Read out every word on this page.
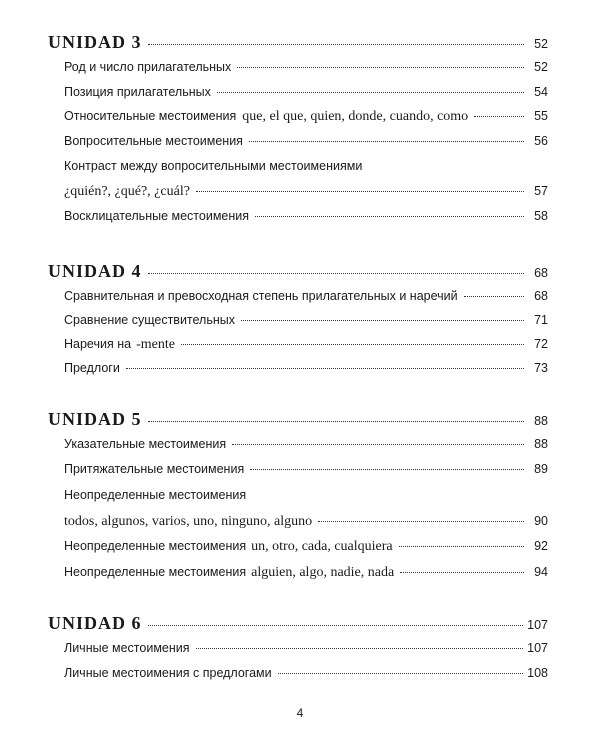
UNIDAD 3	52
Род и число прилагательных	52
Позиция прилагательных	54
Относительные местоимения que, el que, quien, donde, cuando, como	55
Вопросительные местоимения	56
Контраст между вопросительными местоимениями
¿quién?, ¿qué?, ¿cuál?	57
Восклицательные местоимения	58
UNIDAD 4	68
Сравнительная и превосходная степень прилагательных и наречий	68
Сравнение существительных	71
Наречия на -mente	72
Предлоги	73
UNIDAD 5	88
Указательные местоимения	88
Притяжательные местоимения	89
Неопределенные местоимения
todos, algunos, varios, uno, ninguno, alguno	90
Неопределенные местоимения un, otro, cada, cualquiera	92
Неопределенные местоимения alguien, algo, nadie, nada	94
UNIDAD 6	107
Личные местоимения	107
Личные местоимения с предлогами	108
4
